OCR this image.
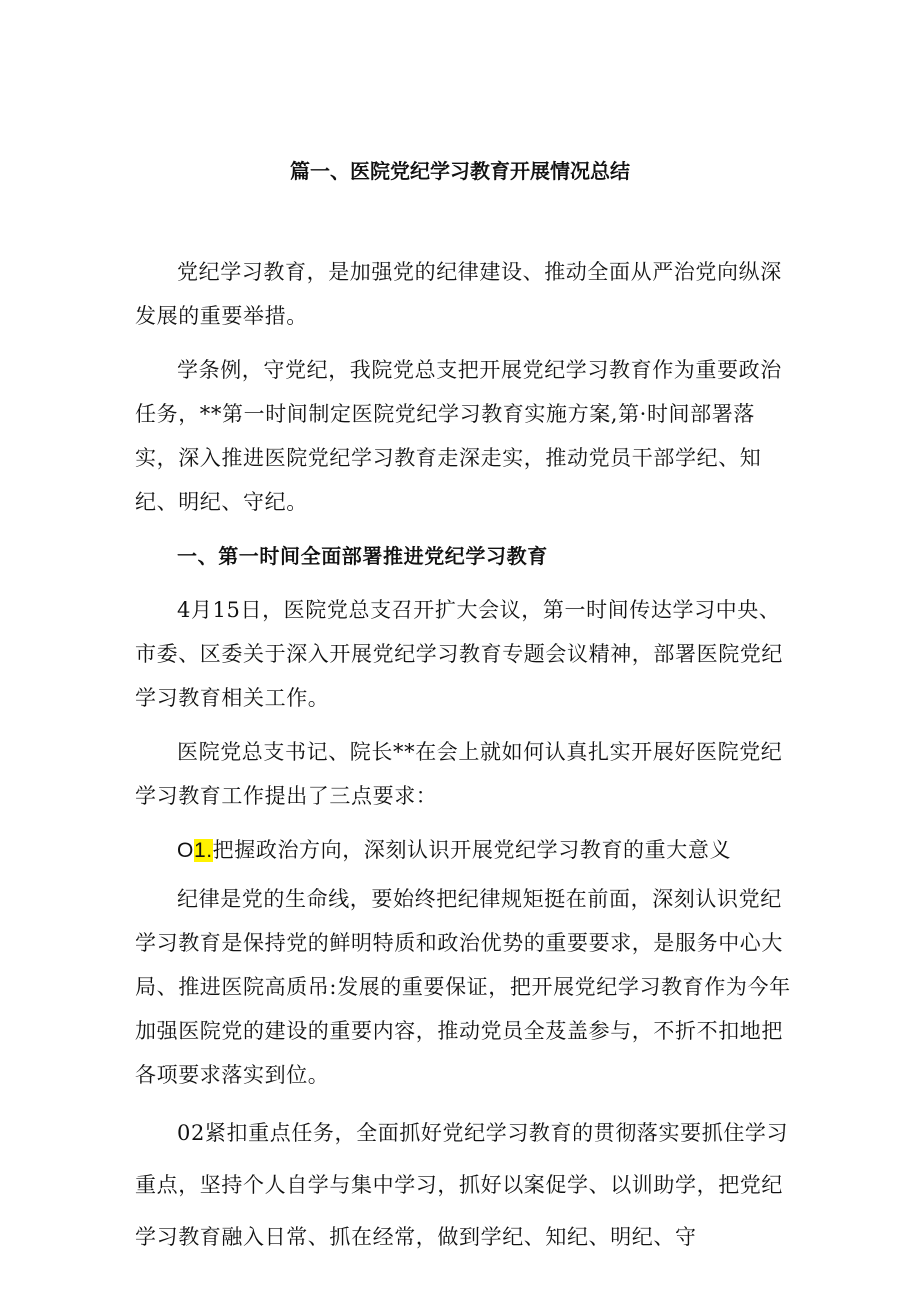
篇一、医院党纪学习教育开展情况总结

党纪学习教育，是加强党的纪律建设、推动全面从严治党向纵深发展的重要举措。

学条例，守党纪，我院党总支把开展党纪学习教育作为重要政治任务，**第一时间制定医院党纪学习教育实施方案,第·时间部署落实，深入推进医院党纪学习教育走深走实，推动党员干部学纪、知纪、明纪、守纪。

一、第一时间全面部署推进党纪学习教育

4月15日，医院党总支召开扩大会议，第一时间传达学习中央、市委、区委关于深入开展党纪学习教育专题会议精神，部署医院党纪学习教育相关工作。

医院党总支书记、院长**在会上就如何认真扎实开展好医院党纪学习教育工作提出了三点要求：

O1.把握政治方向，深刻认识开展党纪学习教育的重大意义

纪律是党的生命线，要始终把纪律规矩挺在前面，深刻认识党纪学习教育是保持党的鲜明特质和政治优势的重要要求，是服务中心大局、推进医院高质吊:发展的重要保证，把开展党纪学习教育作为今年加强医院党的建设的重要内容，推动党员全芨盖参与，不折不扣地把各项要求落实到位。

02紧扣重点任务，全面抓好党纪学习教育的贯彻落实要抓住学习重点，坚持个人自学与集中学习，抓好以案促学、以训助学，把党纪学习教育融入日常、抓在经常，做到学纪、知纪、明纪、守
